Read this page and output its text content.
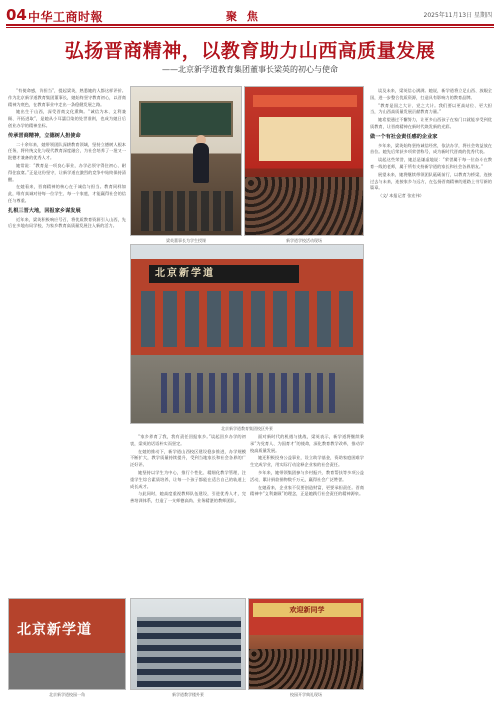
04 中华工商时報	聚 焦	2025年11月13日 星期四
弘扬晋商精神，以教育助力山西高质量发展
——北京新学道教育集团董事长梁英的初心与使命

“有使命感，肯担当”，提起梁英，熟悉她的人都这样评价。作为北京新学道教育集团董事长，她始终坚守教育初心，以晋商精神为底色，在教育事业中走出一条稳健发展之路。

她出生于山西，深受晋商文化熏陶。“诚信为本、义利兼顾、开拓进取”，是她从小耳濡目染的处世准则，也成为她日后创业办学的精神坐标。

传承晋商精神，立德树人担使命

二十余年来，她带领团队深耕教育领域，坚持立德树人根本任务，将传统文化与现代教育深度融合，为社会培养了一批又一批德才兼备的优秀人才。

她常说：“教育是一项良心事业，办学必须守得住初心、耐得住寂寞。”正是这份坚守，让新学道在激烈的竞争中始终保持清醒。

在她看来，晋商精神的核心在于诚信与担当。教育同样如此，唯有真诚对待每一位学生、每一个家庭，才能赢得社会的信任与尊重。

扎根三晋大地，回报家乡谋发展

近年来，梁英积极响应号召，将优质教育资源引入山西，先后在多地布局学校，为家乡教育高质量发展注入新的活力。

梁英董事长为学生授课	新学道学校活动现场
北京新学道
北京新学道教育集团校区外景

“家乡养育了我，我有责任回报家乡。”谈起回乡办学的初衷，梁英的话语朴实而坚定。

在她的推动下，新学道山西校区建设稳步推进，办学规模不断扩大，教学质量持续提升，受到当地家长和社会各界的广泛好评。

她坚持以学生为中心，推行个性化、精细化教学管理，注重学生综合素质培养，让每一个孩子都能在适合自己的轨道上成长成才。

与此同时，她高度重视教师队伍建设，引进优秀人才，完善培训体系，打造了一支师德高尚、业务精湛的教师团队。

面对新时代的机遇与挑战，梁英表示，新学道将继续秉承“为党育人、为国育才”的使命，深化教育教学改革，推动学校高质量发展。

她还积极投身公益事业，设立助学基金，资助家庭困难学生完成学业，用实际行动诠释企业家的社会责任。

多年来，她带领集团参与乡村振兴、教育帮扶等多项公益活动，累计捐款捐物数千万元，赢得社会广泛赞誉。

在她看来，企业家不仅要创造财富，更要承担责任。晋商精神中“义利兼顾”的理念，正是她践行社会责任的精神源泉。

谈及未来，梁英信心满满。她说，新学道将立足山西、放眼全国，进一步整合优质资源，打造具有影响力的教育品牌。

“教育是国之大计、党之大计。我们要以更高站位、更大担当，为山西高质量发展贡献教育力量。”

她希望通过不懈努力，让更多山西孩子在家门口就能享受到优质教育，让晋商精神在新时代焕发新的光彩。

做一个有社会责任感的企业家

多年来，梁英始终坚持诚信经营，依法办学，将社会效益放在首位。她先后荣获多项荣誉称号，成为新时代晋商的优秀代表。

谈起这些荣誉，她总是谦虚地说：“荣誉属于每一位奋斗在教育一线的老师，属于所有支持新学道的家长和社会各界朋友。”

展望未来，她将继续带领团队砥砺前行，以教育为桥梁，连接过去与未来，连接家乡与远方，在弘扬晋商精神的道路上书写新的篇章。

（文/ 本报记者 张宏伟）

北京新学道
北京新学道校园一角	新学道教学楼外景
欢迎新同学
校园开学典礼现场
